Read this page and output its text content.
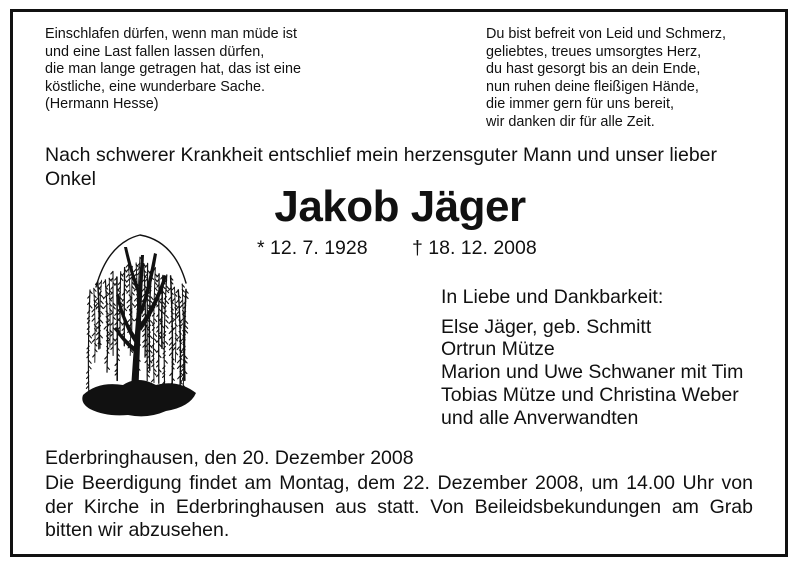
Einschlafen dürfen, wenn man müde ist
und eine Last fallen lassen dürfen,
die man lange getragen hat, das ist eine
köstliche, eine wunderbare Sache.
(Hermann Hesse)
Du bist befreit von Leid und Schmerz,
geliebtes, treues umsorgtes Herz,
du hast gesorgt bis an dein Ende,
nun ruhen deine fleißigen Hände,
die immer gern für uns bereit,
wir danken dir für alle Zeit.
Nach schwerer Krankheit entschlief mein herzensguter Mann und unser lieber Onkel
Jakob Jäger
* 12. 7. 1928 † 18. 12. 2008
In Liebe und Dankbarkeit:
Else Jäger, geb. Schmitt
Ortrun Mütze
Marion und Uwe Schwaner mit Tim
Tobias Mütze und Christina Weber
und alle Anverwandten
Ederbringhausen, den 20. Dezember 2008
Die Beerdigung findet am Montag, dem 22. Dezember 2008, um 14.00 Uhr von der Kirche in Ederbringhausen aus statt. Von Beileidsbekundungen am Grab bitten wir abzusehen.
